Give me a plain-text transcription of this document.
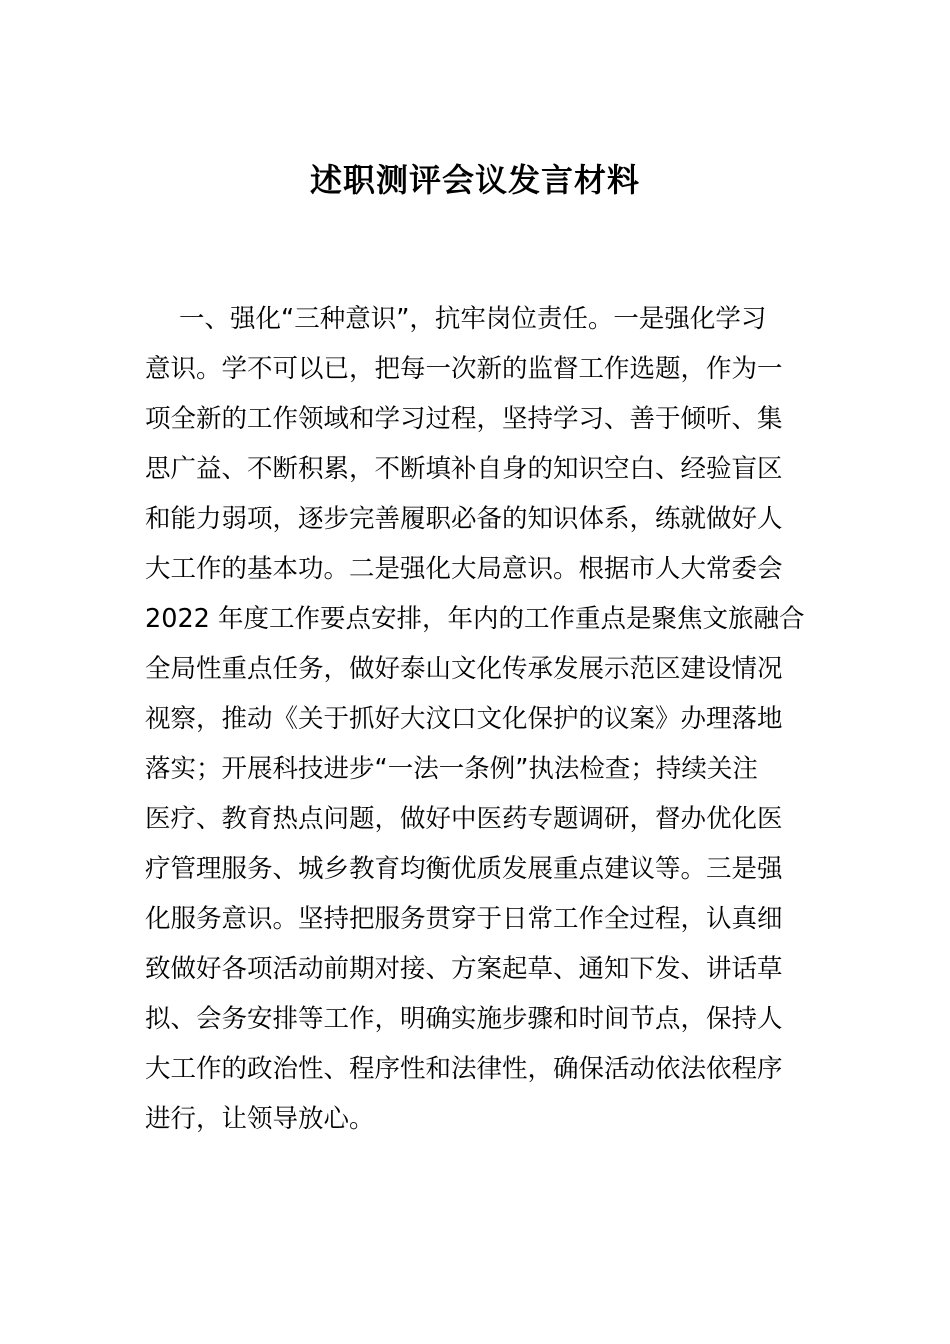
述职测评会议发言材料
一、强化“三种意识”，抗牢岗位责任。一是强化学习
意识。学不可以已，把每一次新的监督工作选题，作为一
项全新的工作领域和学习过程，坚持学习、善于倾听、集
思广益、不断积累，不断填补自身的知识空白、经验盲区
和能力弱项，逐步完善履职必备的知识体系，练就做好人
大工作的基本功。二是强化大局意识。根据市人大常委会
2022 年度工作要点安排，年内的工作重点是聚焦文旅融合
全局性重点任务，做好泰山文化传承发展示范区建设情况
视察，推动《关于抓好大汶口文化保护的议案》办理落地
落实；开展科技进步“一法一条例”执法检查；持续关注
医疗、教育热点问题，做好中医药专题调研，督办优化医
疗管理服务、城乡教育均衡优质发展重点建议等。三是强
化服务意识。坚持把服务贯穿于日常工作全过程，认真细
致做好各项活动前期对接、方案起草、通知下发、讲话草
拟、会务安排等工作，明确实施步骤和时间节点，保持人
大工作的政治性、程序性和法律性，确保活动依法依程序
进行，让领导放心。
